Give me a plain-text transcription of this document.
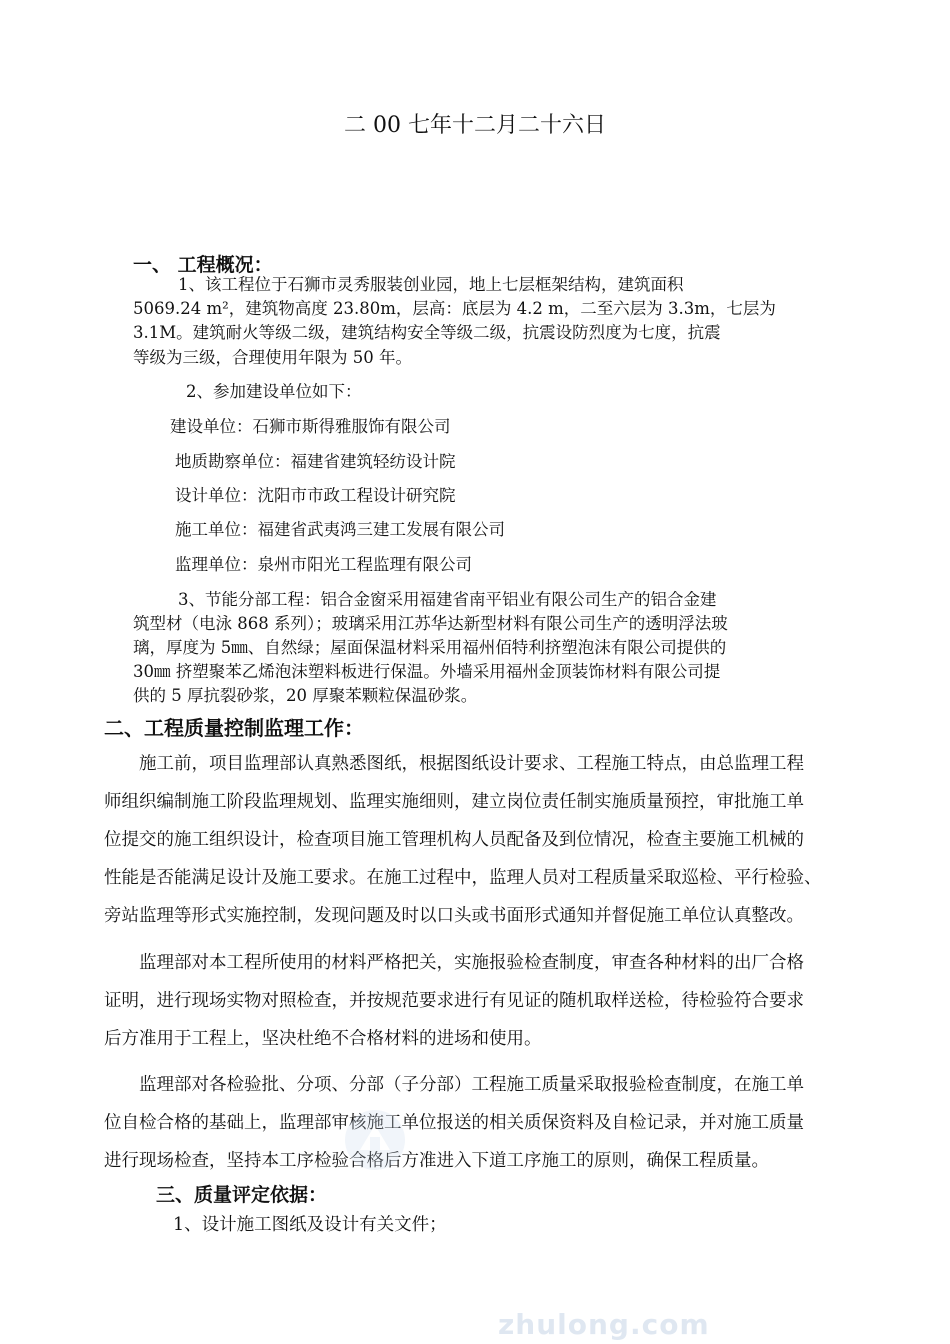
二 00 七年十二月二十六日
一、 工程概况：
1、该工程位于石狮市灵秀服装创业园，地上七层框架结构，建筑面积
5069.24 m²，建筑物高度 23.80m，层高：底层为 4.2 m，二至六层为 3.3m，七层为
3.1M。建筑耐火等级二级，建筑结构安全等级二级，抗震设防烈度为七度，抗震
等级为三级，合理使用年限为 50 年。
2、参加建设单位如下：
建设单位：石狮市斯得雅服饰有限公司
地质勘察单位：福建省建筑轻纺设计院
设计单位：沈阳市市政工程设计研究院
施工单位：福建省武夷鸿三建工发展有限公司
监理单位：泉州市阳光工程监理有限公司
3、节能分部工程：铝合金窗采用福建省南平铝业有限公司生产的铝合金建
筑型材（电泳 868 系列）；玻璃采用江苏华达新型材料有限公司生产的透明浮法玻
璃，厚度为 5㎜、自然绿；屋面保温材料采用福州佰特利挤塑泡沫有限公司提供的
30㎜ 挤塑聚苯乙烯泡沫塑料板进行保温。外墙采用福州金顶装饰材料有限公司提
供的 5 厚抗裂砂浆，20 厚聚苯颗粒保温砂浆。
二、工程质量控制监理工作：
施工前，项目监理部认真熟悉图纸，根据图纸设计要求、工程施工特点，由总监理工程
师组织编制施工阶段监理规划、监理实施细则，建立岗位责任制实施质量预控，审批施工单
位提交的施工组织设计，检查项目施工管理机构人员配备及到位情况，检查主要施工机械的
性能是否能满足设计及施工要求。在施工过程中，监理人员对工程质量采取巡检、平行检验、
旁站监理等形式实施控制，发现问题及时以口头或书面形式通知并督促施工单位认真整改。
监理部对本工程所使用的材料严格把关，实施报验检查制度，审查各种材料的出厂合格
证明，进行现场实物对照检查，并按规范要求进行有见证的随机取样送检，待检验符合要求
后方准用于工程上，坚决杜绝不合格材料的进场和使用。
监理部对各检验批、分项、分部（子分部）工程施工质量采取报验检查制度，在施工单
位自检合格的基础上，监理部审核施工单位报送的相关质保资料及自检记录，并对施工质量
进行现场检查，坚持本工序检验合格后方准进入下道工序施工的原则，确保工程质量。
三、质量评定依据：
1、设计施工图纸及设计有关文件；
zhulong.com
